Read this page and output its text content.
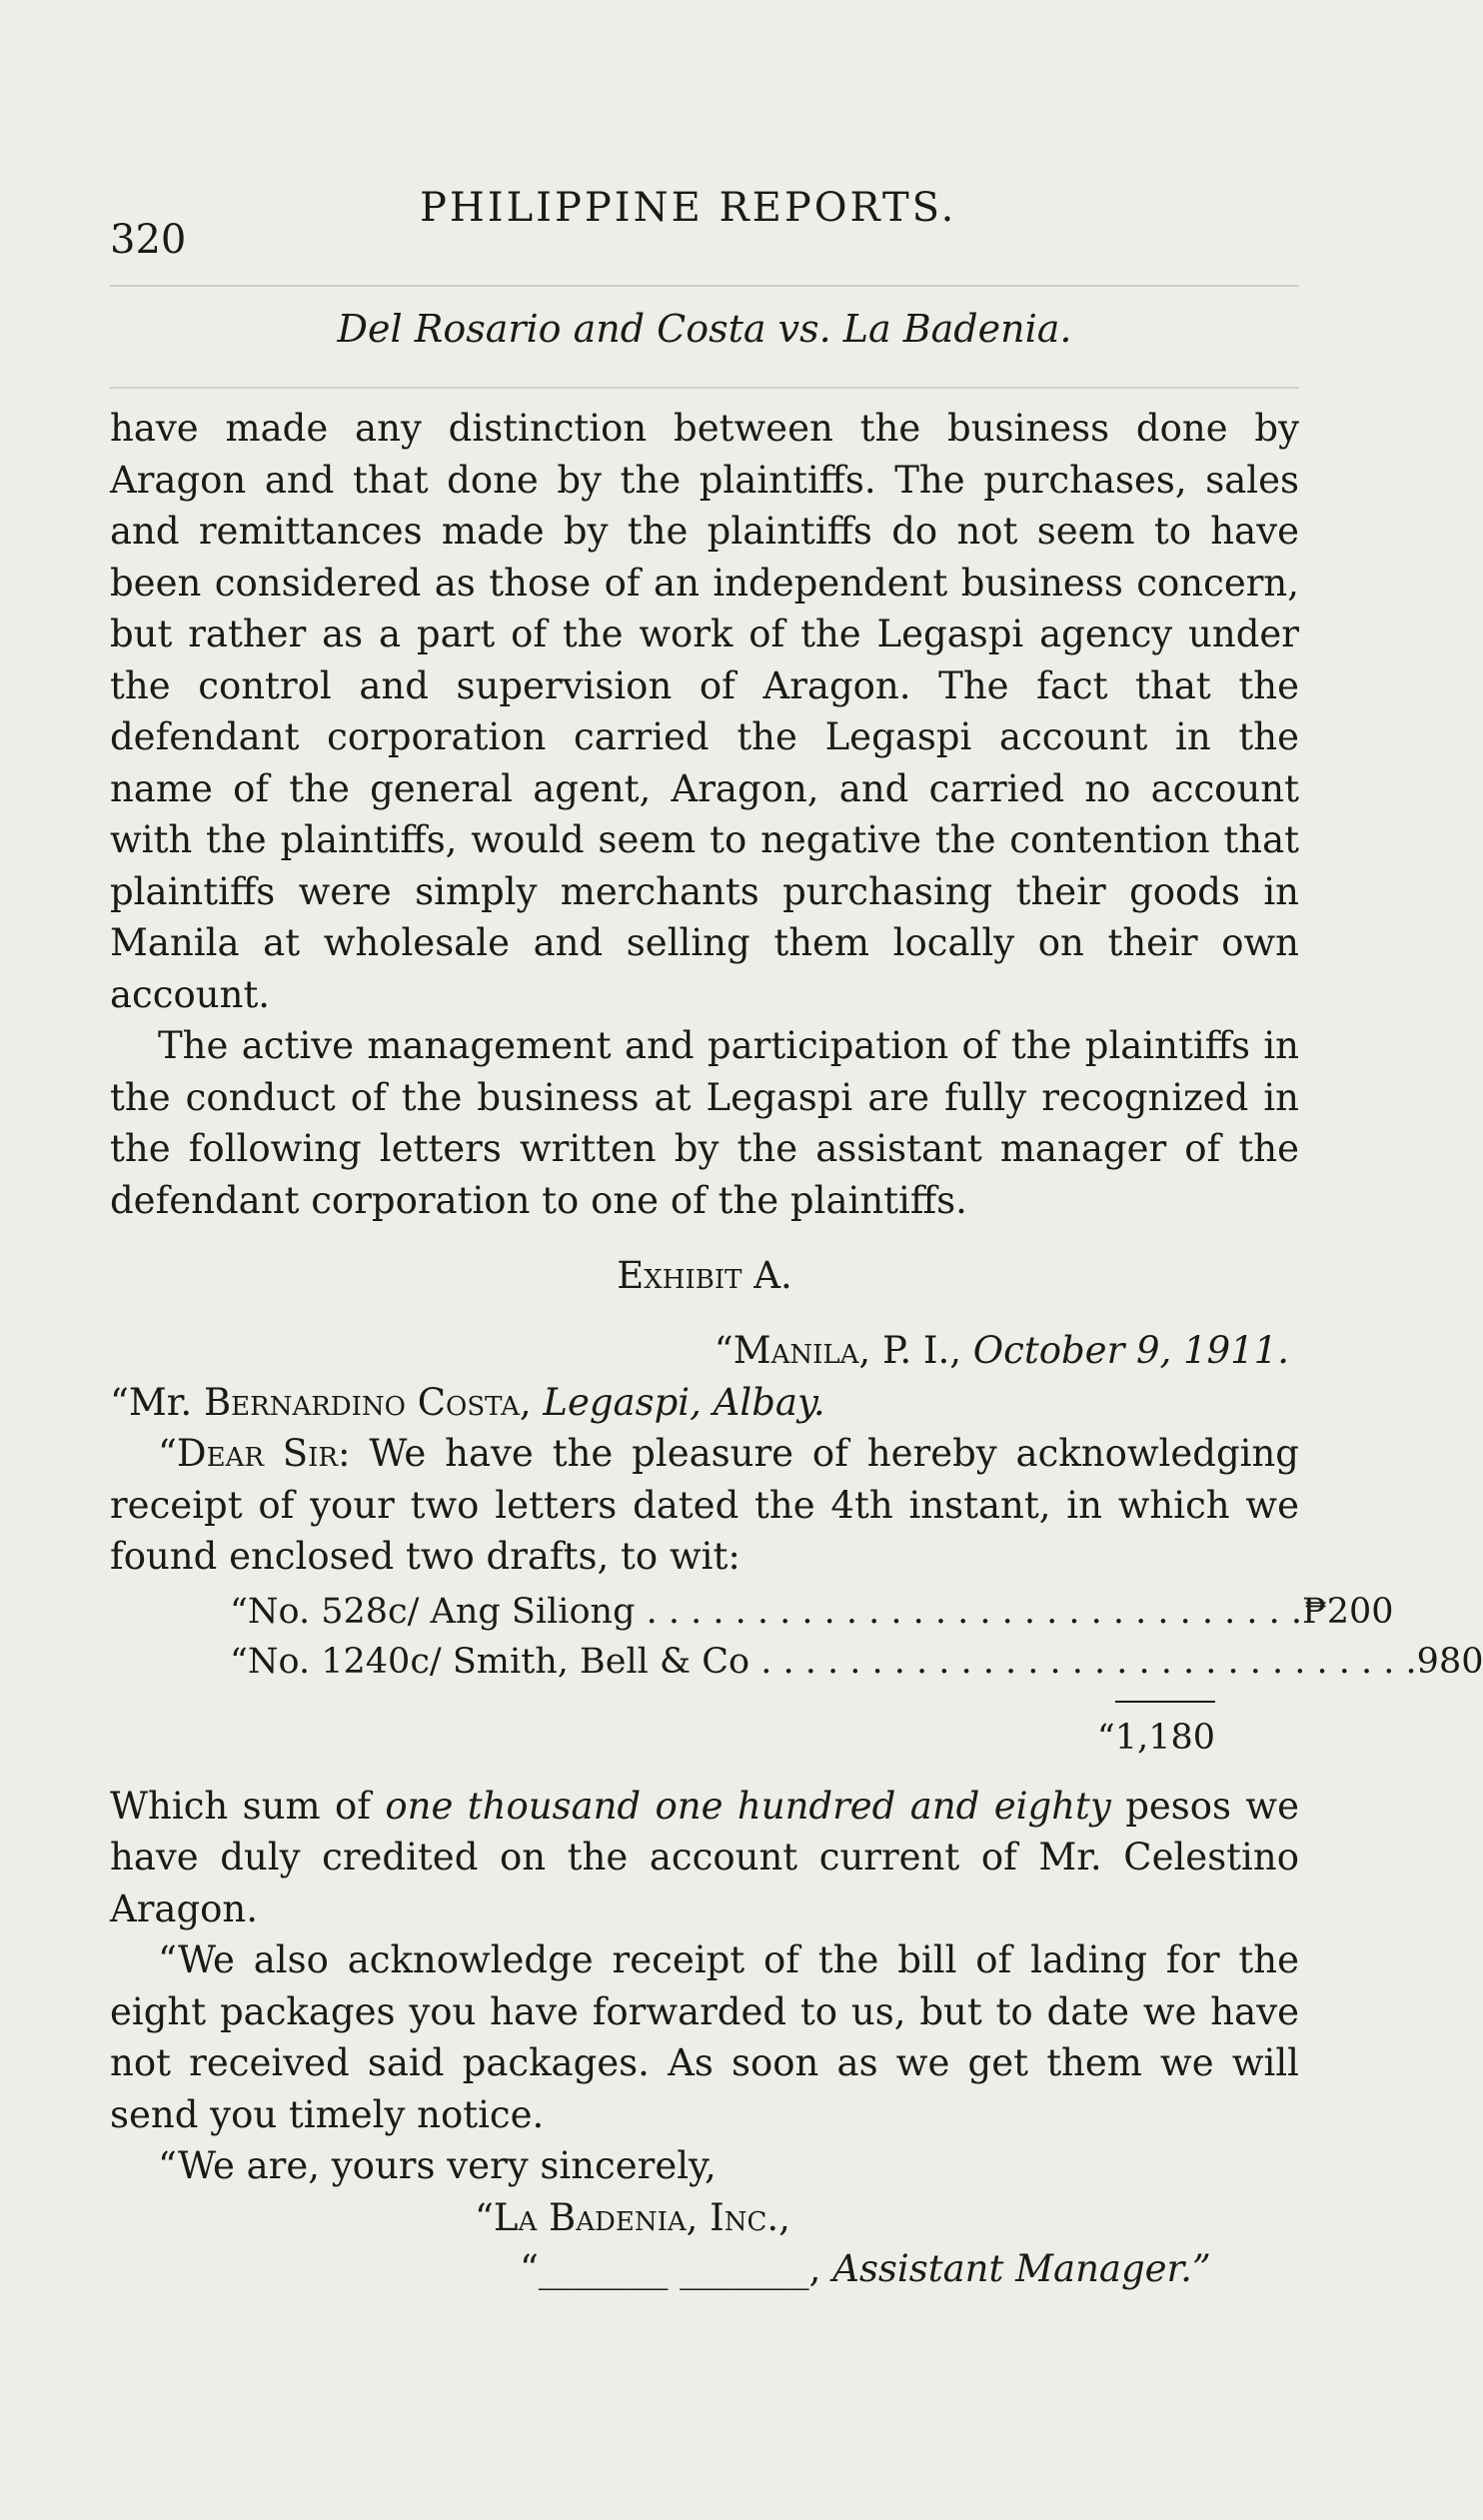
320
PHILIPPINE REPORTS.
Del Rosario and Costa vs. La Badenia.

have made any distinction between the business done by Aragon and that done by the plaintiffs. The purchases, sales and remittances made by the plaintiffs do not seem to have been considered as those of an independent business concern, but rather as a part of the work of the Legaspi agency under the control and supervision of Aragon. The fact that the defendant corporation carried the Legaspi account in the name of the general agent, Aragon, and carried no account with the plaintiffs, would seem to negative the contention that plaintiffs were simply merchants purchasing their goods in Manila at wholesale and selling them locally on their own account.

The active management and participation of the plaintiffs in the conduct of the business at Legaspi are fully recognized in the following letters written by the assistant manager of the defendant corporation to one of the plaintiffs.

Exhibit A.

“Manila, P. I., October 9, 1911.

“Mr. Bernardino Costa, Legaspi, Albay.

“Dear Sir: We have the pleasure of hereby acknowledging receipt of your two letters dated the 4th instant, in which we found enclosed two drafts, to wit:

“No. 528 c/ Ang Siliong . . . . . . . . . . . . . . . . . . . . . . . . . . . . . . ₱200
“No. 1240 c/ Smith, Bell & Co . . . . . . . . . . . . . . . . . . . . . . . . . . . . . . 980
“1,180

Which sum of one thousand one hundred and eighty pesos we have duly credited on the account current of Mr. Celestino Aragon.

“We also acknowledge receipt of the bill of lading for the eight packages you have forwarded to us, but to date we have not received said packages. As soon as we get them we will send you timely notice.

“We are, yours very sincerely,

“La Badenia, Inc.,

“_______ _______, Assistant Manager.”
